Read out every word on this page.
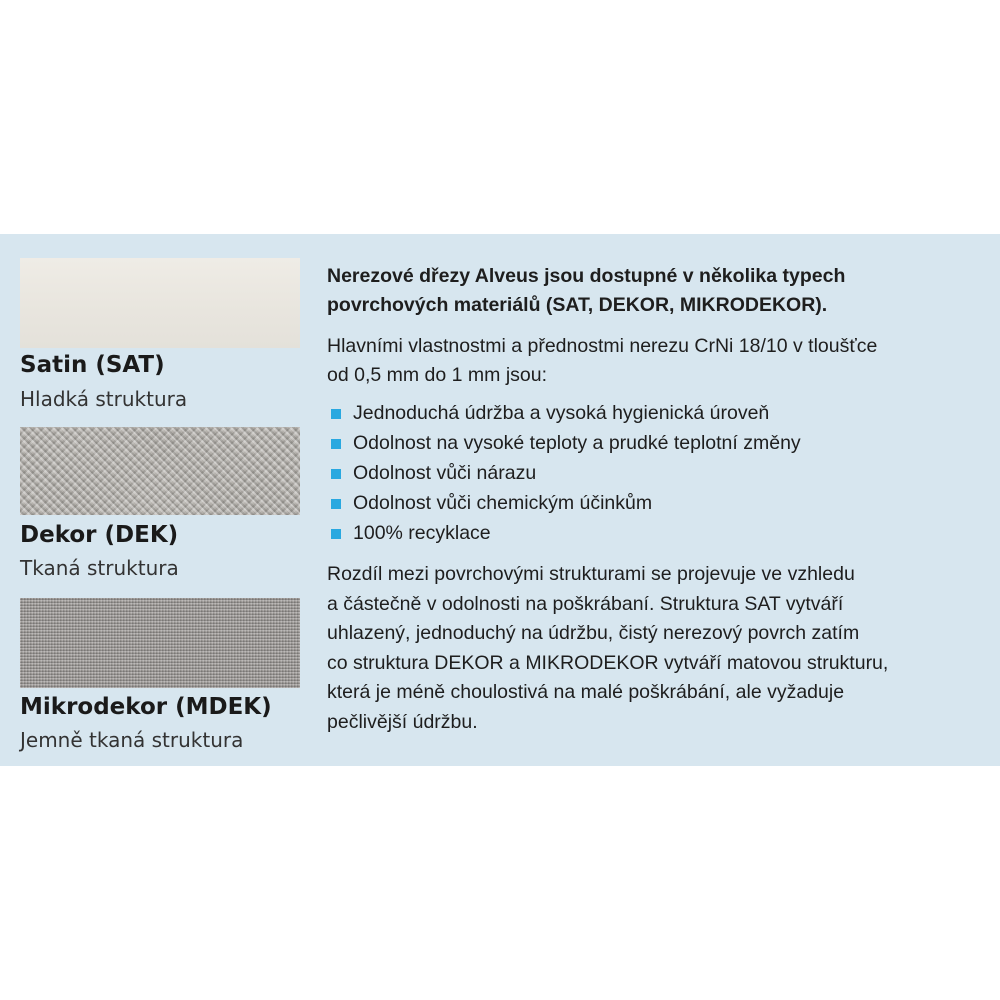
Satin (SAT)
Hladká struktura
Dekor (DEK)
Tkaná struktura
Mikrodekor (MDEK)
Jemně tkaná struktura
Nerezové dřezy Alveus jsou dostupné v několika typech
povrchových materiálů (SAT, DEKOR, MIKRODEKOR).
Hlavními vlastnostmi a přednostmi nerezu CrNi 18/10 v tloušťce
od 0,5 mm do 1 mm jsou:
Jednoduchá údržba a vysoká hygienická úroveň
Odolnost na vysoké teploty a prudké teplotní změny
Odolnost vůči nárazu
Odolnost vůči chemickým účinkům
100% recyklace
Rozdíl mezi povrchovými strukturami se projevuje ve vzhledu
a částečně v odolnosti na poškrábaní. Struktura SAT vytváří
uhlazený, jednoduchý na údržbu, čistý nerezový povrch zatím
co struktura DEKOR a MIKRODEKOR vytváří matovou strukturu,
která je méně choulostivá na malé poškrábání, ale vyžaduje
pečlivější údržbu.
